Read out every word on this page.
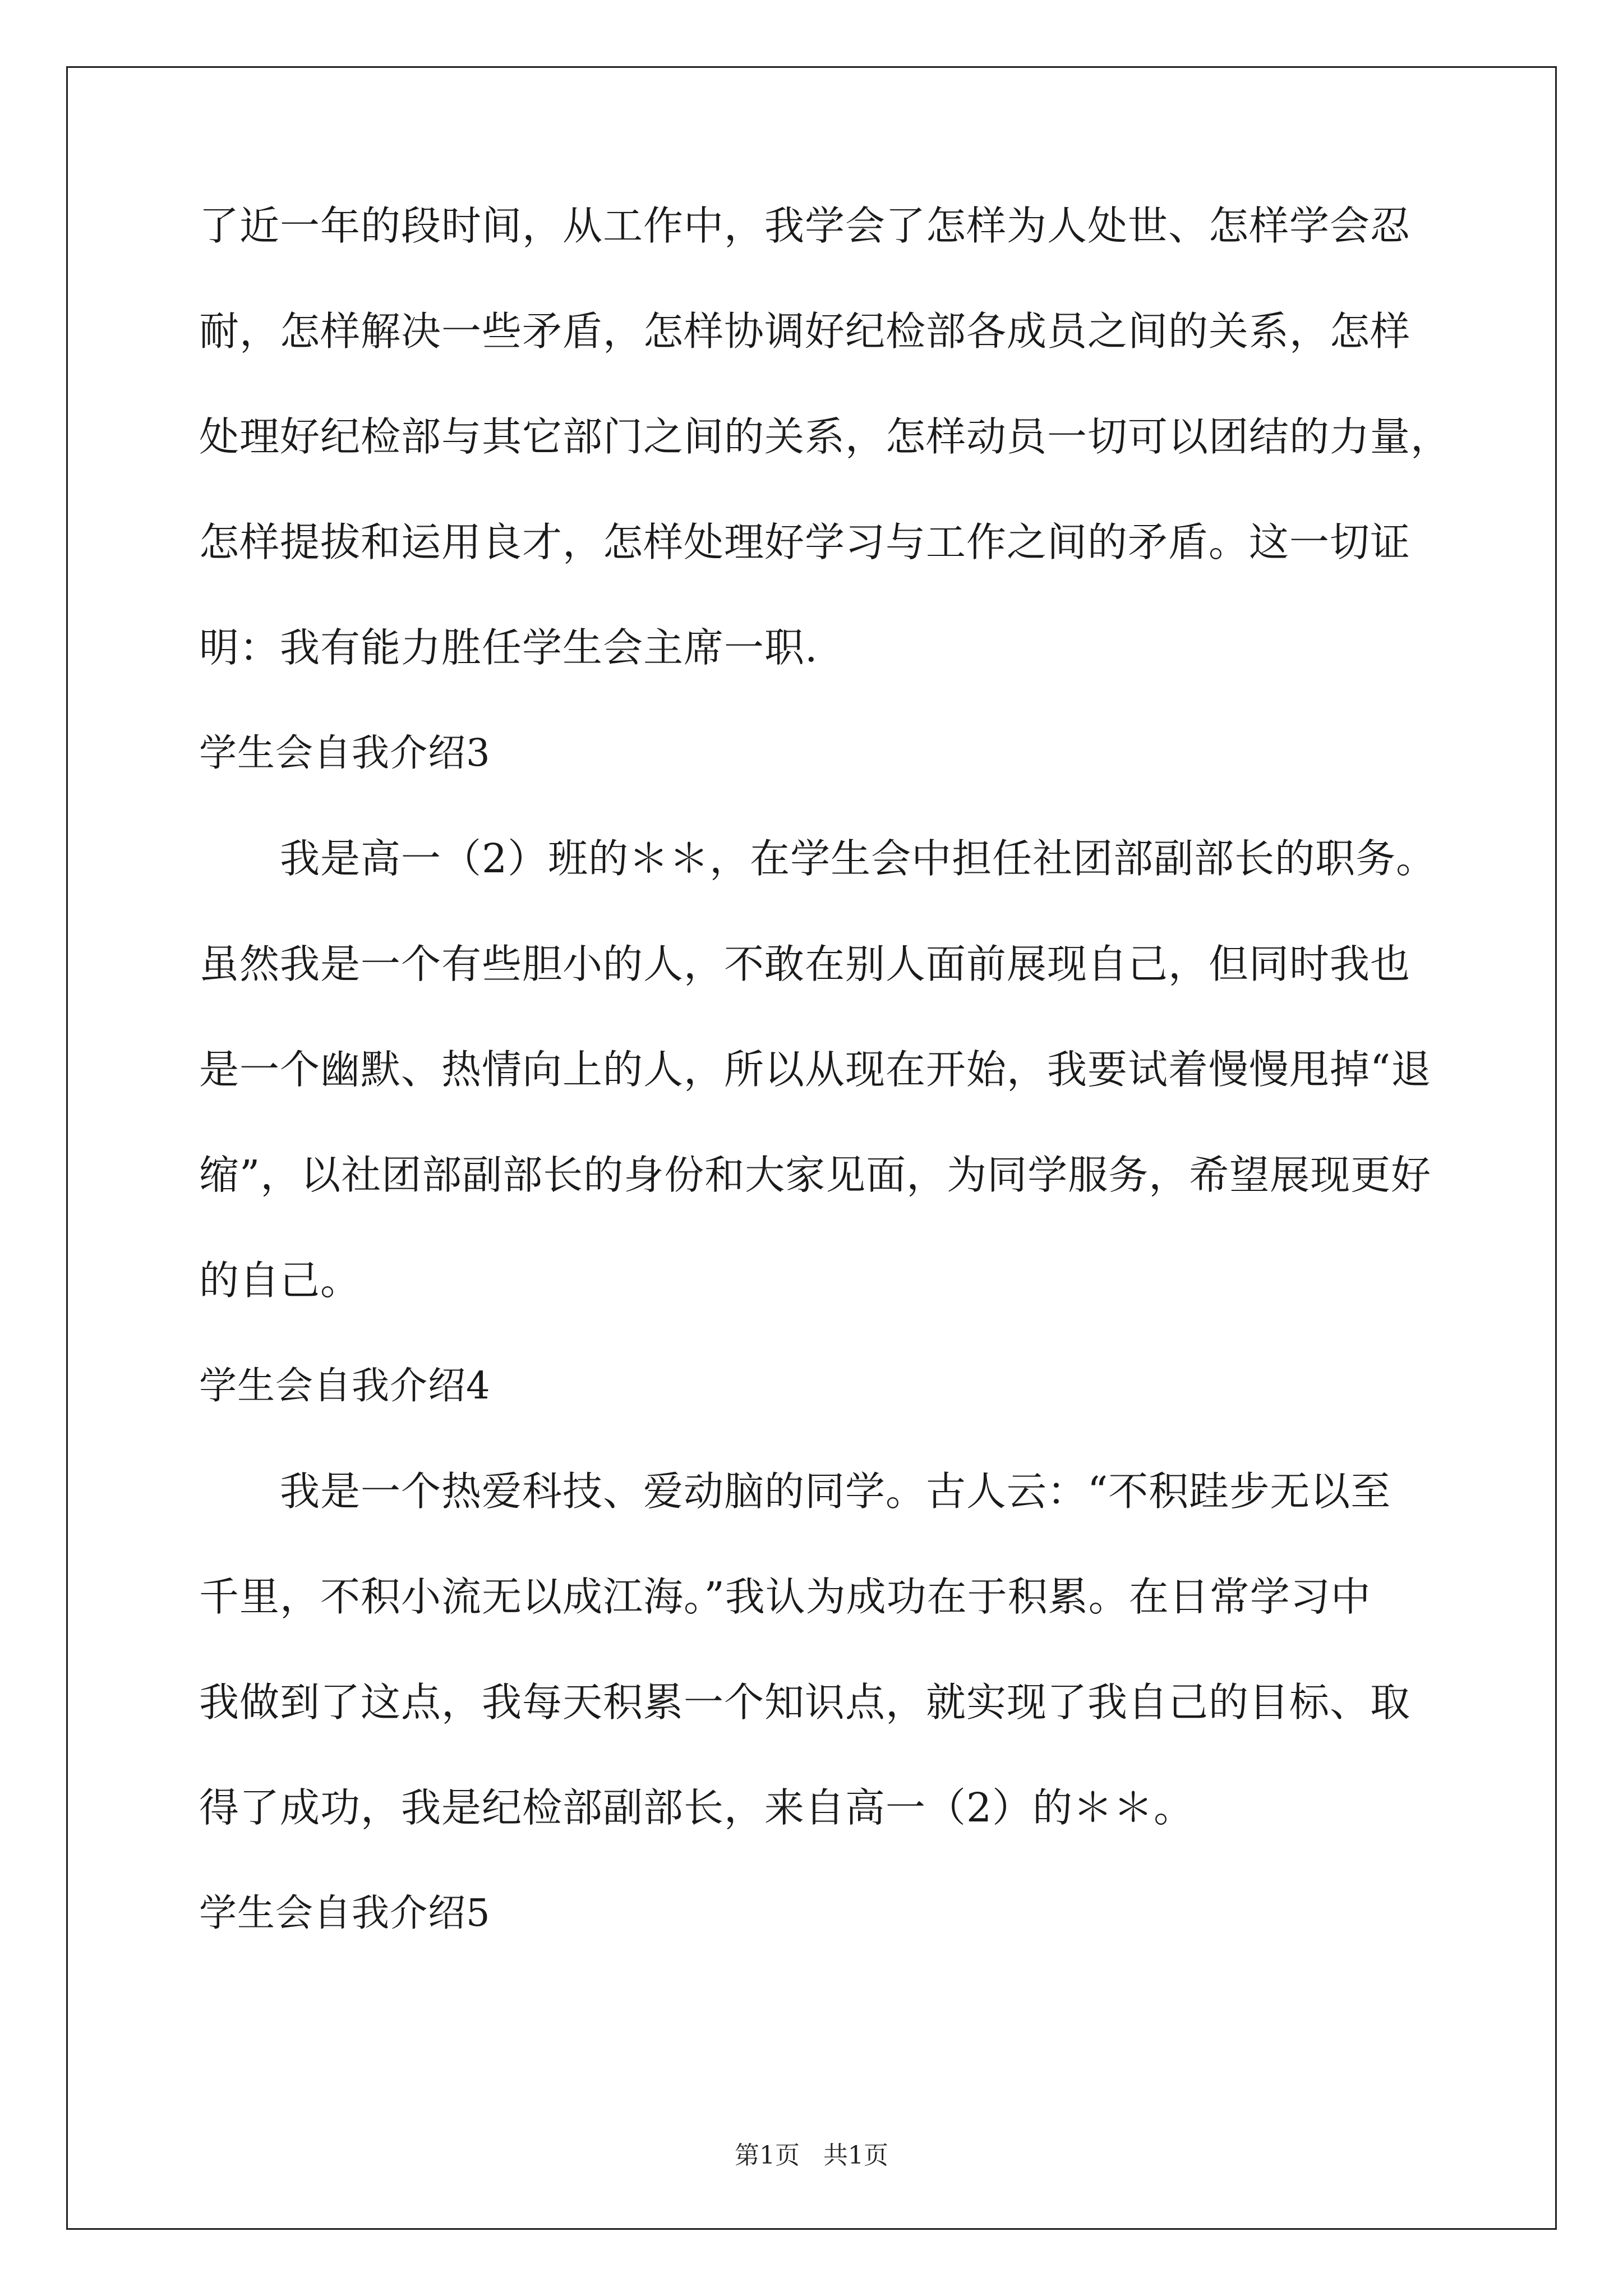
了近一年的段时间，从工作中，我学会了怎样为人处世、怎样学会忍
耐，怎样解决一些矛盾，怎样协调好纪检部各成员之间的关系，怎样
处理好纪检部与其它部门之间的关系，怎样动员一切可以团结的力量，
怎样提拔和运用良才，怎样处理好学习与工作之间的矛盾。这一切证
明：我有能力胜任学生会主席一职.
学生会自我介绍3
　　我是高一（2）班的＊＊，在学生会中担任社团部副部长的职务。
虽然我是一个有些胆小的人，不敢在别人面前展现自己，但同时我也
是一个幽默、热情向上的人，所以从现在开始，我要试着慢慢甩掉“退
缩”，以社团部副部长的身份和大家见面，为同学服务，希望展现更好
的自己。
学生会自我介绍4
　　我是一个热爱科技、爱动脑的同学。古人云：“不积跬步无以至
千里，不积小流无以成江海。”我认为成功在于积累。在日常学习中
我做到了这点，我每天积累一个知识点，就实现了我自己的目标、取
得了成功，我是纪检部副部长，来自高一（2）的＊＊。
学生会自我介绍5
第1页   共1页
